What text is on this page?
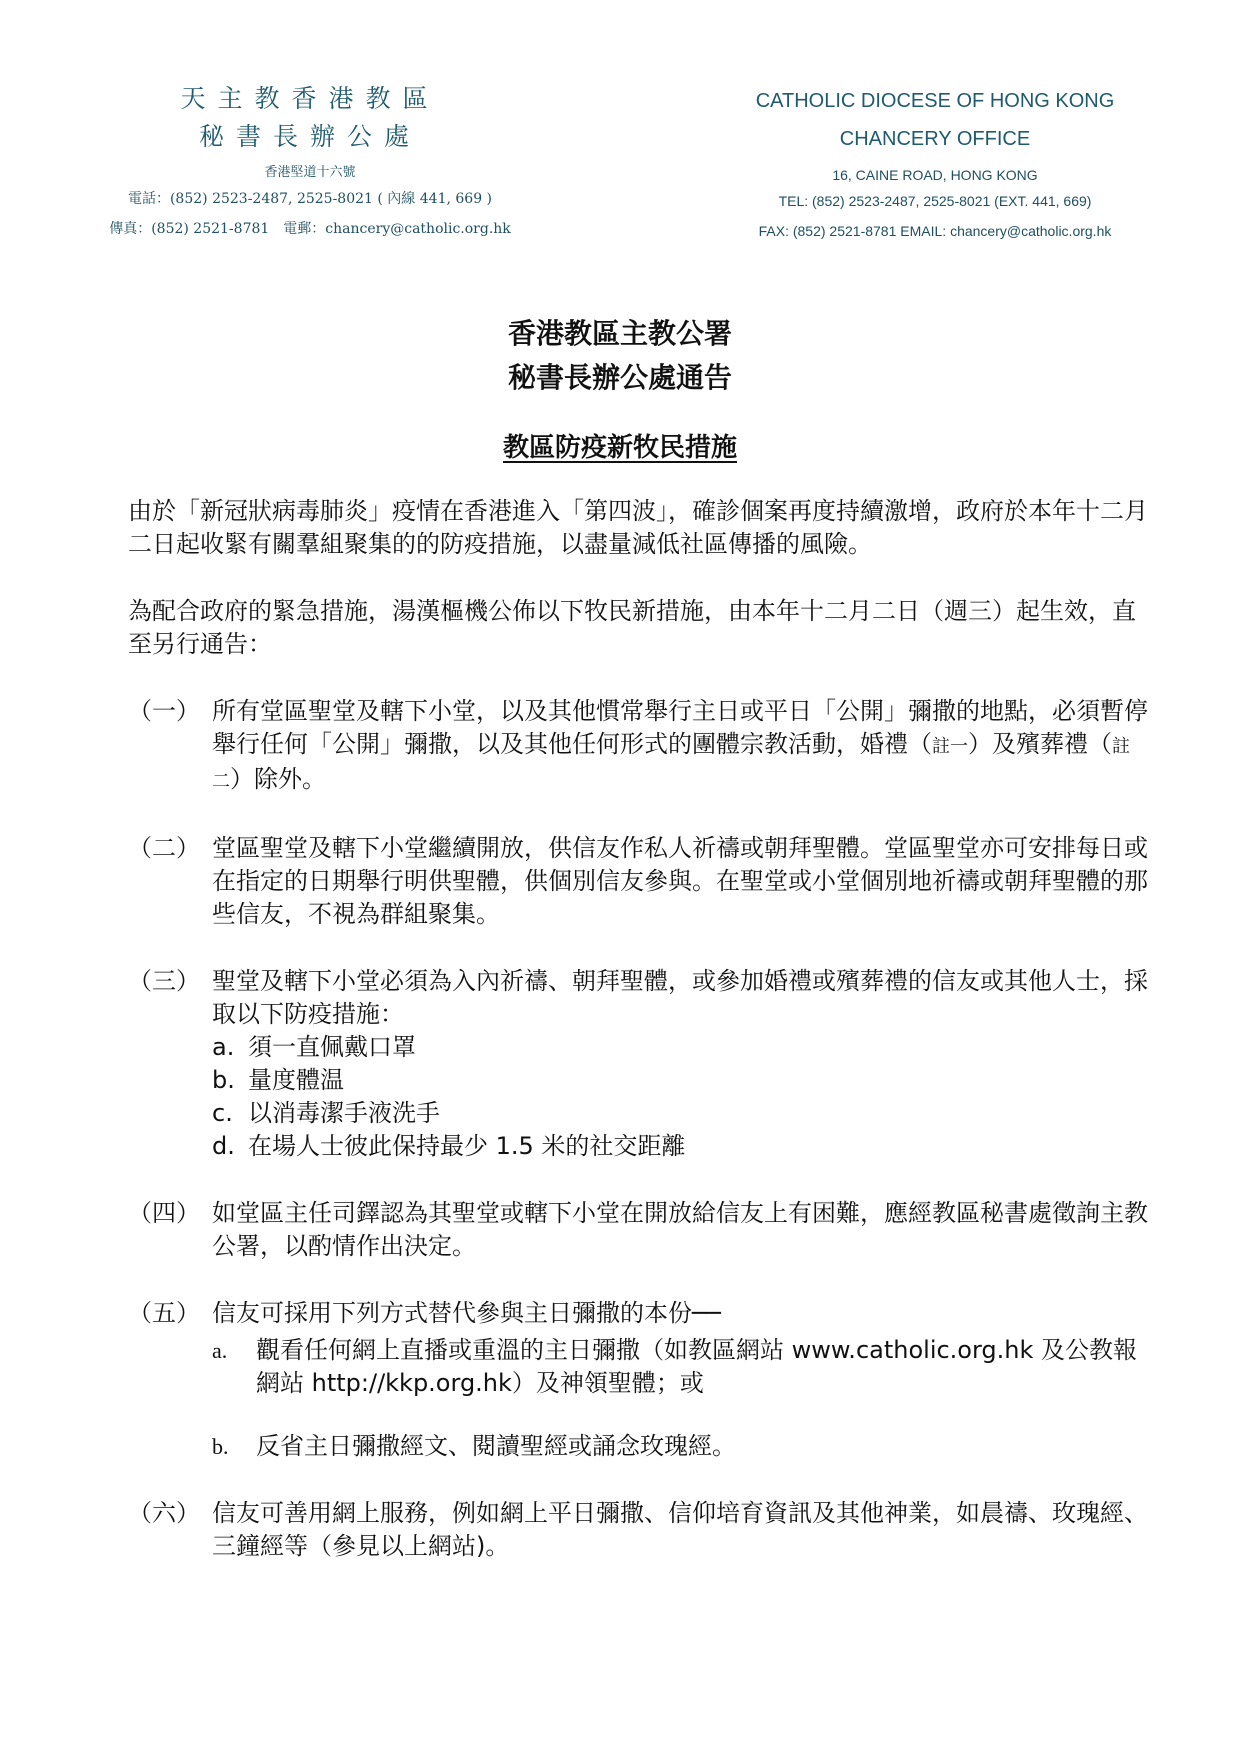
天主教香港教區
秘書長辦公處
香港堅道十六號
電話：(852) 2523-2487, 2525-8021 ( 內線 441, 669 )
傳真：(852) 2521-8781　電郵：chancery@catholic.org.hk
CATHOLIC DIOCESE OF HONG KONG
CHANCERY OFFICE
16, CAINE ROAD, HONG KONG
TEL: (852) 2523-2487, 2525-8021 (EXT. 441, 669)
FAX: (852) 2521-8781 EMAIL: chancery@catholic.org.hk
香港教區主教公署
秘書長辦公處通告
教區防疫新牧民措施

由於「新冠狀病毒肺炎」疫情在香港進入「第四波」，確診個案再度持續激增，政府於本年十二月二日起收緊有關羣組聚集的的防疫措施，以盡量減低社區傳播的風險。

為配合政府的緊急措施，湯漢樞機公佈以下牧民新措施，由本年十二月二日（週三）起生效，直至另行通告：

（一） 所有堂區聖堂及轄下小堂，以及其他慣常舉行主日或平日「公開」彌撒的地點，必須暫停舉行任何「公開」彌撒，以及其他任何形式的團體宗教活動，婚禮（註一）及殯葬禮（註二）除外。
（二） 堂區聖堂及轄下小堂繼續開放，供信友作私人祈禱或朝拜聖體。堂區聖堂亦可安排每日或在指定的日期舉行明供聖體，供個別信友參與。在聖堂或小堂個別地祈禱或朝拜聖體的那些信友，不視為群組聚集。
（三） 聖堂及轄下小堂必須為入內祈禱、朝拜聖體，或參加婚禮或殯葬禮的信友或其他人士，採取以下防疫措施：
a. 須一直佩戴口罩
b. 量度體温
c. 以消毒潔手液洗手
d. 在場人士彼此保持最少 1.5 米的社交距離
（四） 如堂區主任司鐸認為其聖堂或轄下小堂在開放給信友上有困難，應經教區秘書處徵詢主教公署，以酌情作出決定。
（五） 信友可採用下列方式替代參與主日彌撒的本份──
a.	觀看任何網上直播或重溫的主日彌撒（如教區網站 www.catholic.org.hk 及公教報網站 http://kkp.org.hk）及神領聖體；或
b.	反省主日彌撒經文、閱讀聖經或誦念玫瑰經。
（六） 信友可善用網上服務，例如網上平日彌撒、信仰培育資訊及其他神業，如晨禱、玫瑰經、三鐘經等（參見以上網站)。
